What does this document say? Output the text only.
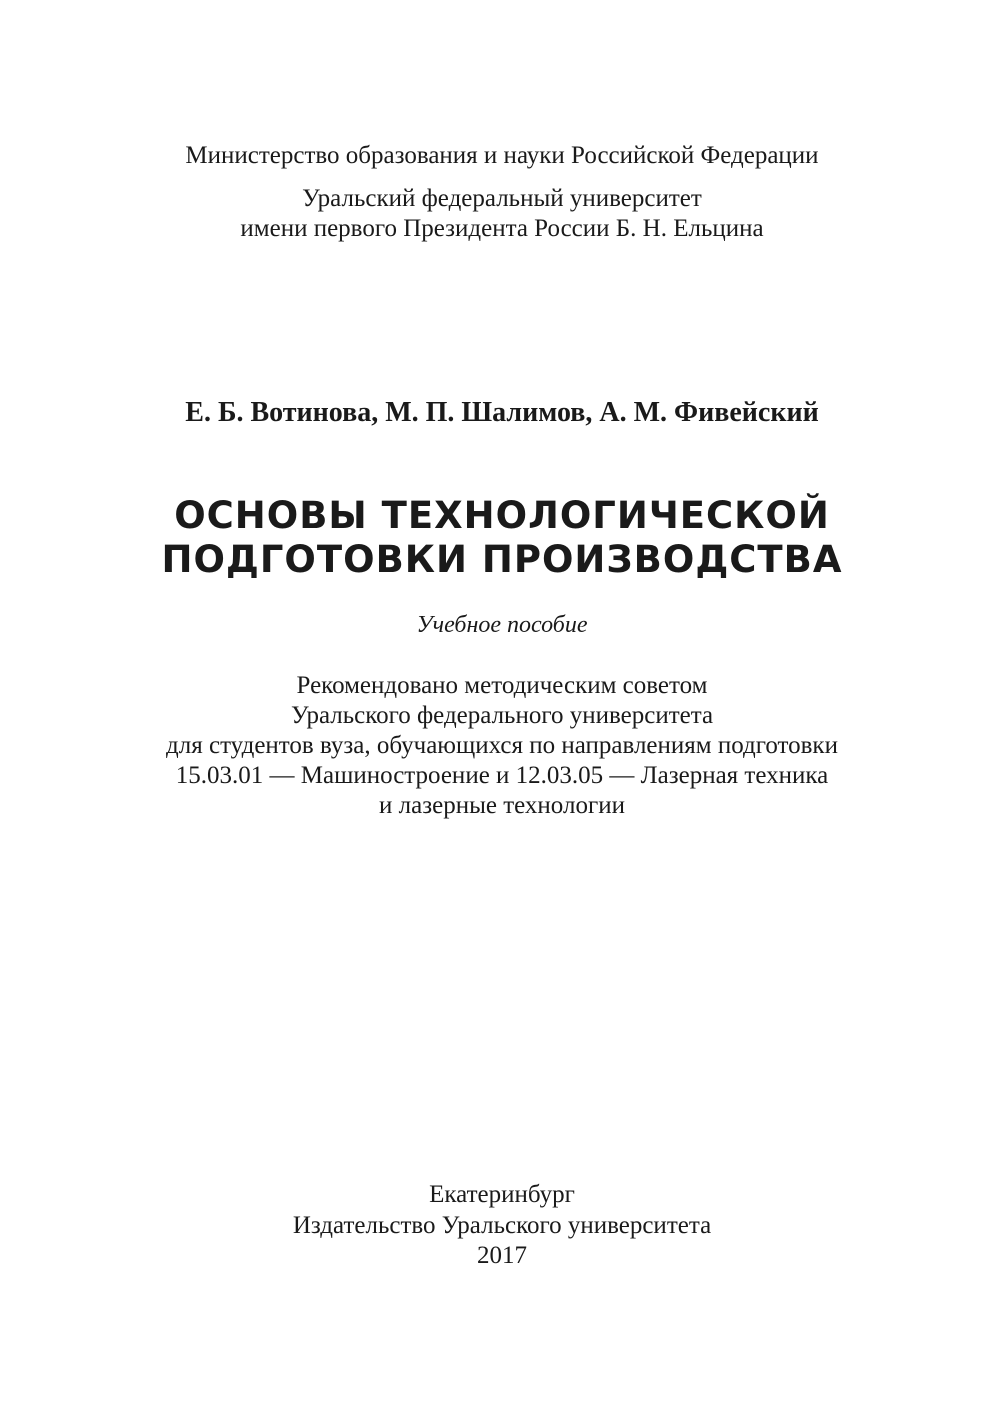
Министерство образования и науки Российской Федерации
Уральский федеральный университет
имени первого Президента России Б. Н. Ельцина
Е. Б. Вотинова, М. П. Шалимов, А. М. Фивейский
ОСНОВЫ ТЕХНОЛОГИЧЕСКОЙ
ПОДГОТОВКИ ПРОИЗВОДСТВА
Учебное пособие
Рекомендовано методическим советом
Уральского федерального университета
для студентов вуза, обучающихся по направлениям подготовки
15.03.01 — Машиностроение и 12.03.05 — Лазерная техника
и лазерные технологии
Екатеринбург
Издательство Уральского университета
2017
